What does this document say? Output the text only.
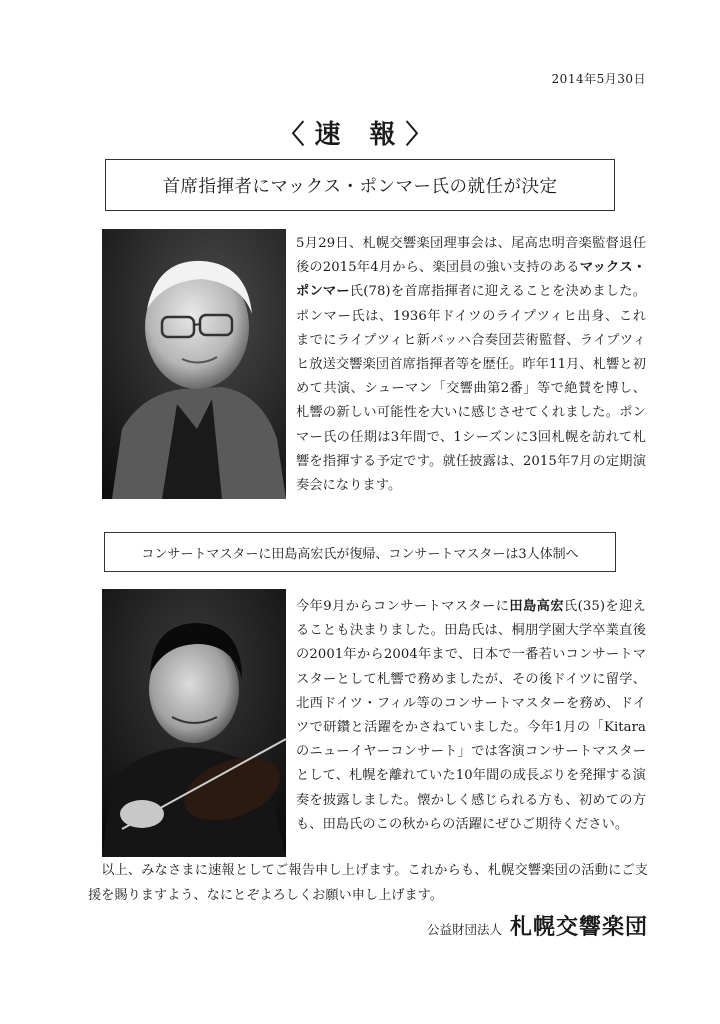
2014年5月30日
〈速 報〉
首席指揮者にマックス・ポンマー氏の就任が決定
5月29日、札幌交響楽団理事会は、尾高忠明音楽監督退任後の2015年4月から、楽団員の強い支持のあるマックス・ポンマー氏(78)を首席指揮者に迎えることを決めました。ポンマー氏は、1936年ドイツのライプツィヒ出身、これまでにライプツィヒ新バッハ合奏団芸術監督、ライプツィヒ放送交響楽団首席指揮者等を歴任。昨年11月、札響と初めて共演、シューマン「交響曲第2番」等で絶賛を博し、札響の新しい可能性を大いに感じさせてくれました。ポンマー氏の任期は3年間で、1シーズンに3回札幌を訪れて札響を指揮する予定です。就任披露は、2015年7月の定期演奏会になります。
コンサートマスターに田島高宏氏が復帰、コンサートマスターは3人体制へ
今年9月からコンサートマスターに田島高宏氏(35)を迎えることも決まりました。田島氏は、桐朋学園大学卒業直後の2001年から2004年まで、日本で一番若いコンサートマスターとして札響で務めましたが、その後ドイツに留学、北西ドイツ・フィル等のコンサートマスターを務め、ドイツで研鑽と活躍をかさねていました。今年1月の「Kitaraのニューイヤーコンサート」では客演コンサートマスターとして、札幌を離れていた10年間の成長ぶりを発揮する演奏を披露しました。懐かしく感じられる方も、初めての方も、田島氏のこの秋からの活躍にぜひご期待ください。
以上、みなさまに速報としてご報告申し上げます。これからも、札幌交響楽団の活動にご支援を賜りますよう、なにとぞよろしくお願い申し上げます。
公益財団法人 札幌交響楽団
